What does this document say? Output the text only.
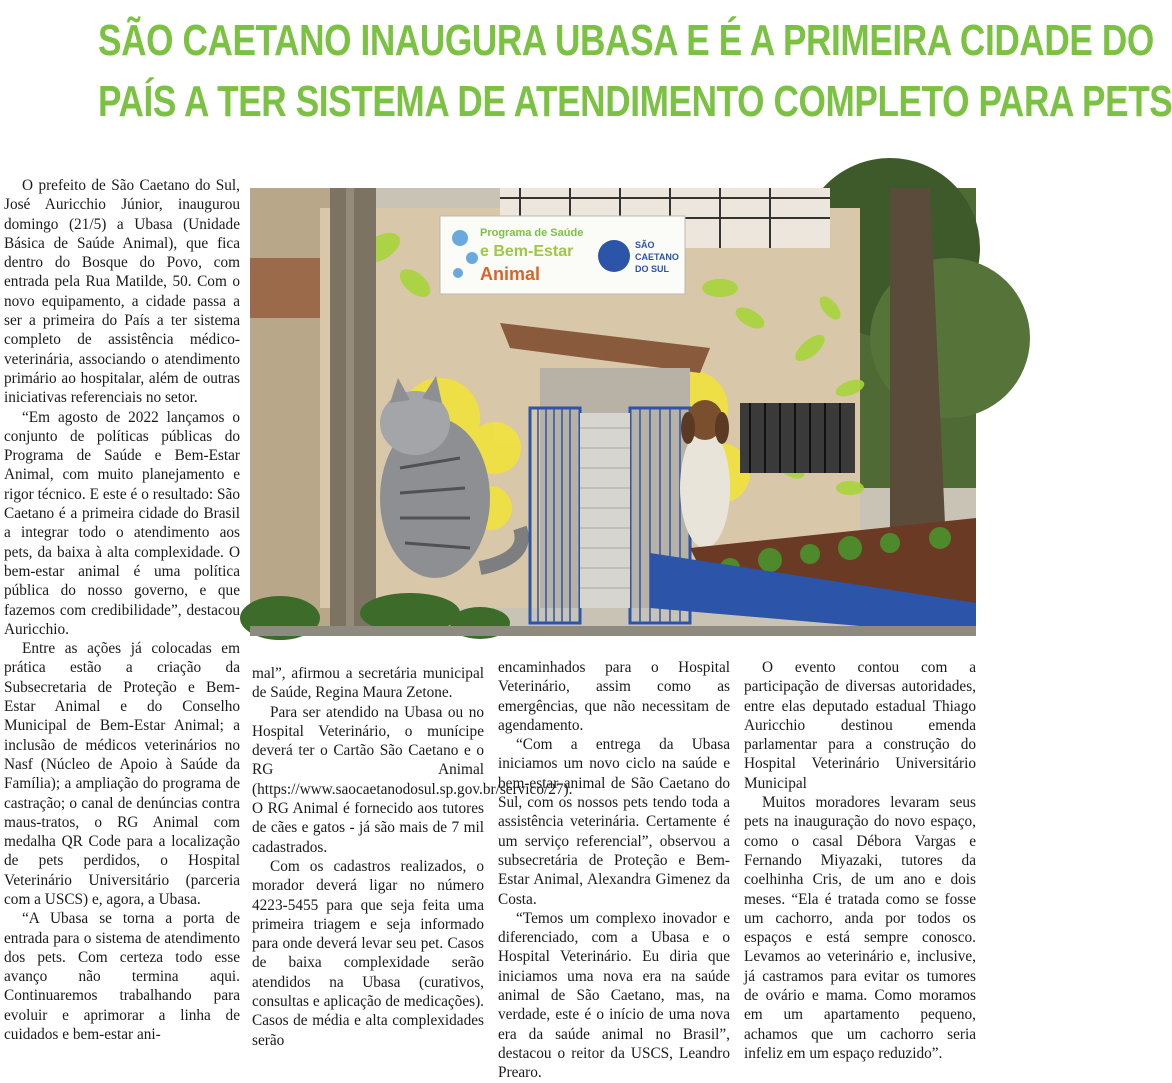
SÃO CAETANO INAUGURA UBASA E É A PRIMEIRA CIDADE DO
PAÍS A TER SISTEMA DE ATENDIMENTO COMPLETO PARA PETS

O prefeito de São Caetano do Sul, José Auricchio Júnior, inaugurou domingo (21/5) a Ubasa (Unidade Básica de Saúde Animal), que fica dentro do Bosque do Povo, com entrada pela Rua Matilde, 50. Com o novo equipamento, a cidade passa a ser a primeira do País a ter sistema completo de assistência médico-veterinária, associando o atendimento primário ao hospitalar, além de outras iniciativas referenciais no setor.

“Em agosto de 2022 lançamos o conjunto de políticas públicas do Programa de Saúde e Bem-Estar Animal, com muito planejamento e rigor técnico. E este é o resultado: São Caetano é a primeira cidade do Brasil a integrar todo o atendimento aos pets, da baixa à alta complexidade. O bem-estar animal é uma política pública do nosso governo, e que fazemos com credibilidade”, destacou Auricchio.

Entre as ações já colocadas em prática estão a criação da Subsecretaria de Proteção e Bem-Estar Animal e do Conselho Municipal de Bem-Estar Animal; a inclusão de médicos veterinários no Nasf (Núcleo de Apoio à Saúde da Família); a ampliação do programa de castração; o canal de denúncias contra maus-tratos, o RG Animal com medalha QR Code para a localização de pets perdidos, o Hospital Veterinário Universitário (parceria com a USCS) e, agora, a Ubasa.

“A Ubasa se torna a porta de entrada para o sistema de atendimento dos pets. Com certeza todo esse avanço não termina aqui. Continuaremos trabalhando para evoluir e aprimorar a linha de cuidados e bem-estar ani-

Programa de Saúde
e Bem-Estar
Animal
SÃO
CAETANO
DO SUL

mal”, afirmou a secretária municipal de Saúde, Regina Maura Zetone.

Para ser atendido na Ubasa ou no Hospital Veterinário, o munícipe deverá ter o Cartão São Caetano e o RG Animal (https://www.saocaetanodosul.sp.gov.br/servico/27). O RG Animal é fornecido aos tutores de cães e gatos - já são mais de 7 mil cadastrados.

Com os cadastros realizados, o morador deverá ligar no número 4223-5455 para que seja feita uma primeira triagem e seja informado para onde deverá levar seu pet. Casos de baixa complexidade serão atendidos na Ubasa (curativos, consultas e aplicação de medicações). Casos de média e alta complexidades serão

encaminhados para o Hospital Veterinário, assim como as emergências, que não necessitam de agendamento.

“Com a entrega da Ubasa iniciamos um novo ciclo na saúde e bem-estar animal de São Caetano do Sul, com os nossos pets tendo toda a assistência veterinária. Certamente é um serviço referencial”, observou a subsecretária de Proteção e Bem-Estar Animal, Alexandra Gimenez da Costa.

“Temos um complexo inovador e diferenciado, com a Ubasa e o Hospital Veterinário. Eu diria que iniciamos uma nova era na saúde animal de São Caetano, mas, na verdade, este é o início de uma nova era da saúde animal no Brasil”, destacou o reitor da USCS, Leandro Prearo.

O evento contou com a participação de diversas autoridades, entre elas deputado estadual Thiago Auricchio destinou emenda parlamentar para a construção do Hospital Veterinário Universitário Municipal

Muitos moradores levaram seus pets na inauguração do novo espaço, como o casal Débora Vargas e Fernando Miyazaki, tutores da coelhinha Cris, de um ano e dois meses. “Ela é tratada como se fosse um cachorro, anda por todos os espaços e está sempre conosco. Levamos ao veterinário e, inclusive, já castramos para evitar os tumores de ovário e mama. Como moramos em um apartamento pequeno, achamos que um cachorro seria infeliz em um espaço reduzido”.
